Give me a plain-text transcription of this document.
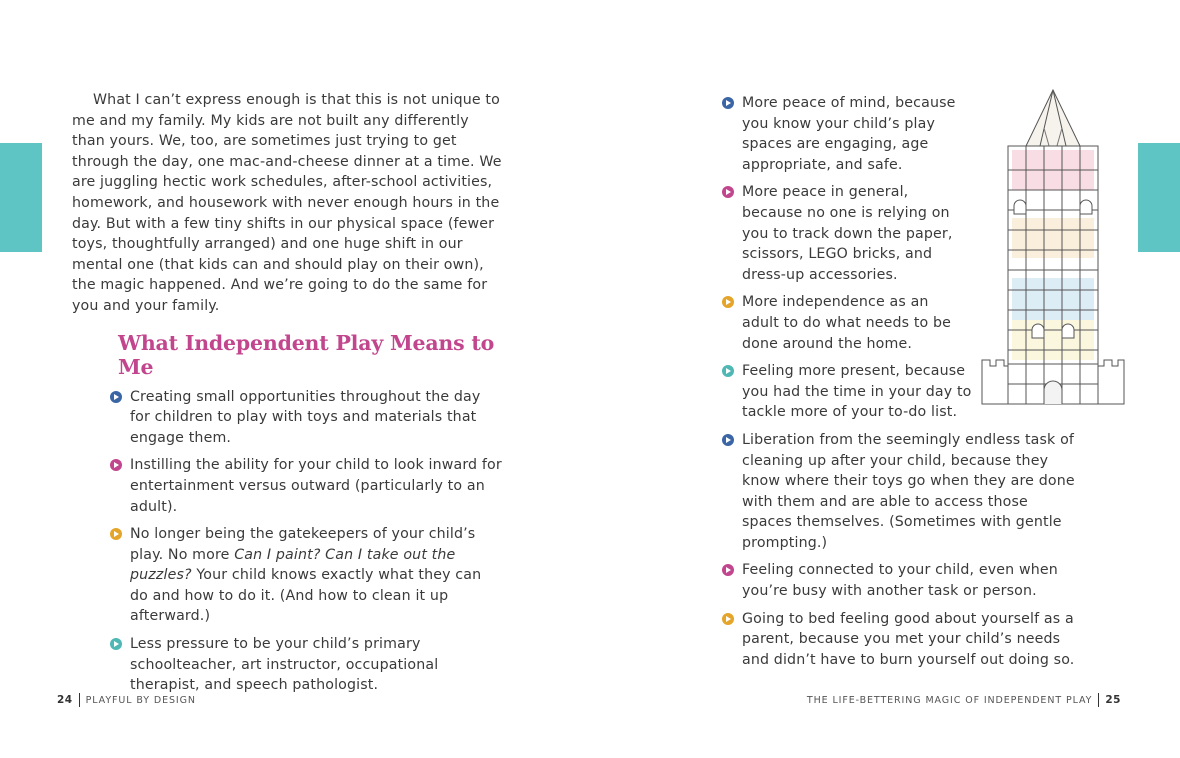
What I can’t express enough is that this is not unique to me and my family. My kids are not built any differently than yours. We, too, are sometimes just trying to get through the day, one mac-and-cheese dinner at a time. We are juggling hectic work schedules, after-school activities, homework, and housework with never enough hours in the day. But with a few tiny shifts in our physical space (fewer toys, thoughtfully arranged) and one huge shift in our mental one (that kids can and should play on their own), the magic happened. And we’re going to do the same for you and your family.

What Independent Play Means to Me
Creating small opportunities throughout the day for children to play with toys and materials that engage them.
Instilling the ability for your child to look inward for entertainment versus outward (particularly to an adult).
No longer being the gatekeepers of your child’s play. No more Can I paint? Can I take out the puzzles? Your child knows exactly what they can do and how to do it. (And how to clean it up afterward.)
Less pressure to be your child’s primary schoolteacher, art instructor, occupational therapist, and speech pathologist.
More peace of mind, because you know your child’s play spaces are engaging, age appropriate, and safe.
More peace in general, because no one is relying on you to track down the paper, scissors, LEGO bricks, and dress-up accessories.
More independence as an adult to do what needs to be done around the home.
Feeling more present, because you had the time in your day to tackle more of your to-do list.
Liberation from the seemingly endless task of cleaning up after your child, because they know where their toys go when they are done with them and are able to access those spaces themselves. (Sometimes with gentle prompting.)
Feeling connected to your child, even when you’re busy with another task or person.
Going to bed feeling good about yourself as a parent, because you met your child’s needs and didn’t have to burn yourself out doing so.
24 PLAYFUL BY DESIGN	THE LIFE-BETTERING MAGIC OF INDEPENDENT PLAY 25
